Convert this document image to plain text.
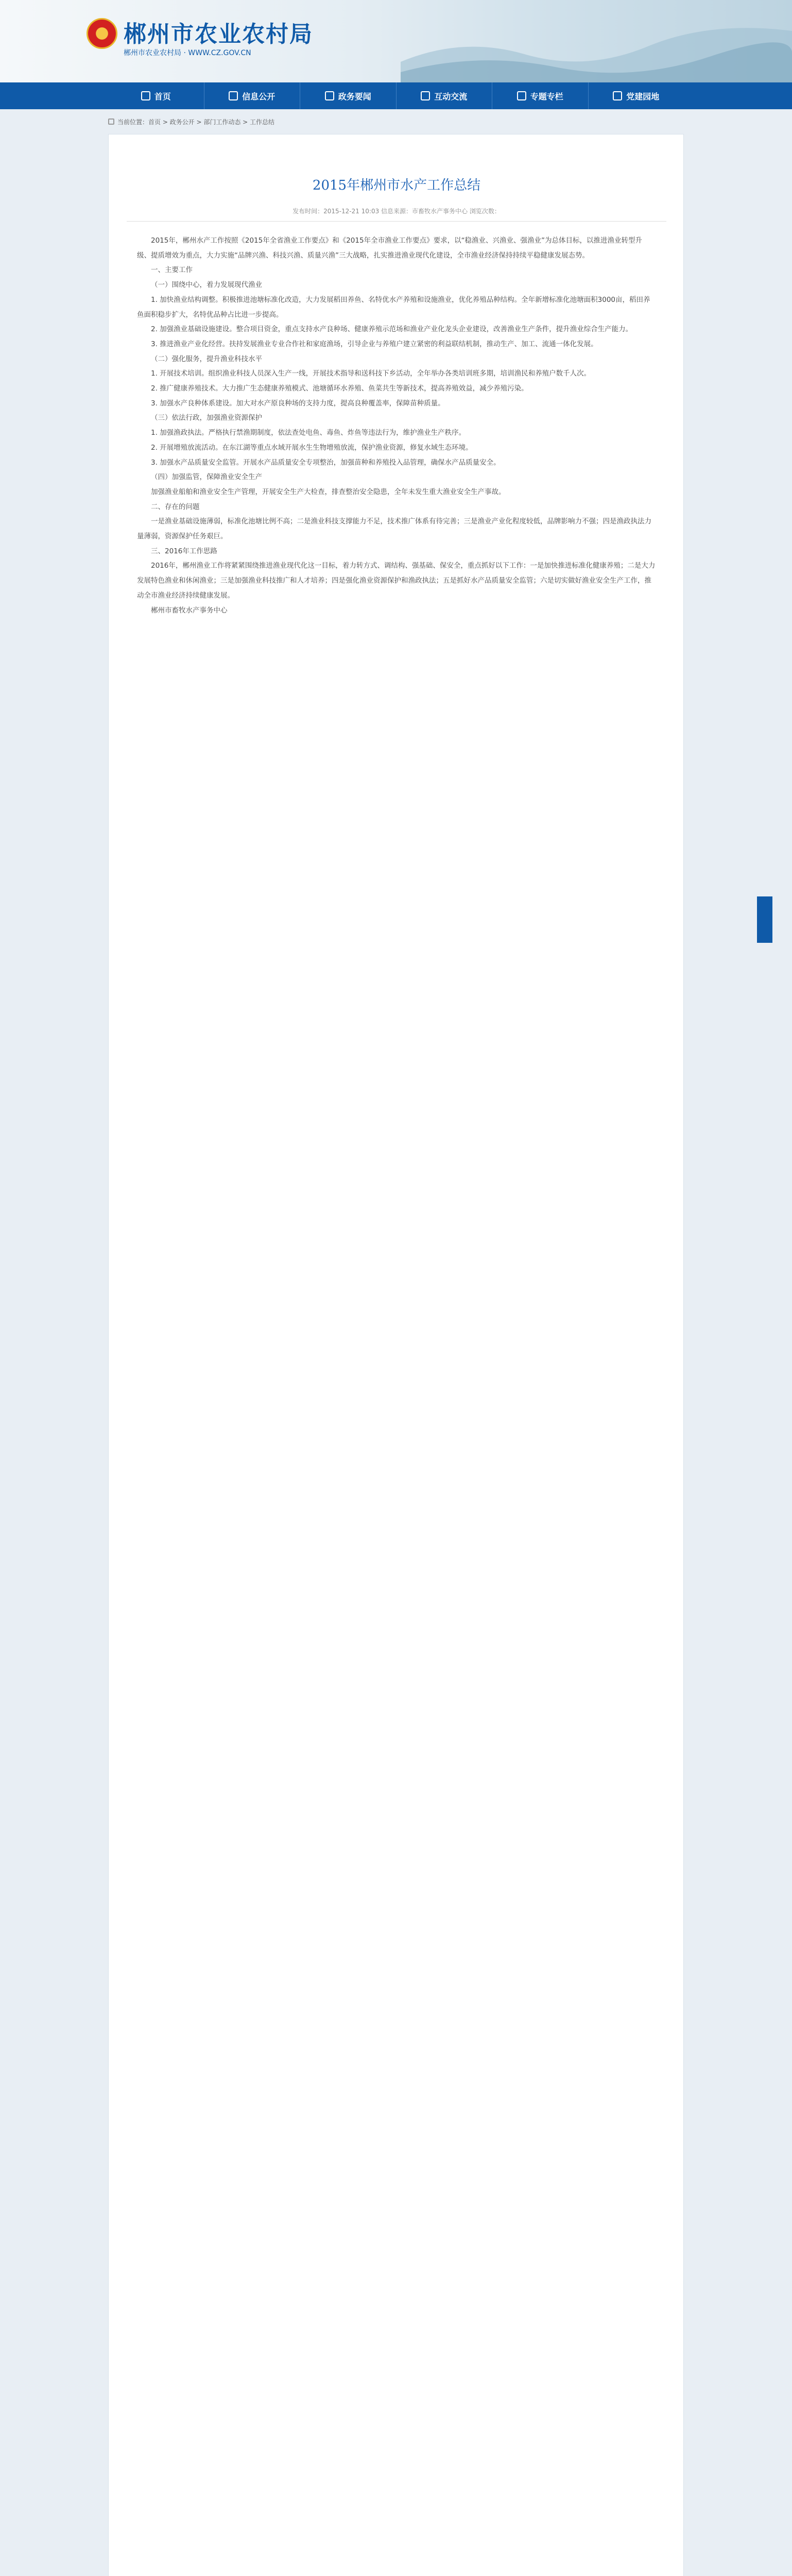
郴州市农业农村局
郴州市农业农村局 · WWW.CZ.GOV.CN
首页	信息公开	政务要闻	互动交流	专题专栏	党建园地
当前位置：首页 > 政务公开 > 部门工作动态 > 工作总结
2015年郴州市水产工作总结
发布时间：2015-12-21 10:03 信息来源：市畜牧水产事务中心 浏览次数：

2015年，郴州水产工作按照《2015年全省渔业工作要点》和《2015年全市渔业工作要点》要求，以“稳渔业、兴渔业、强渔业”为总体目标，以推进渔业转型升级、提质增效为重点，大力实施“品牌兴渔、科技兴渔、质量兴渔”三大战略，扎实推进渔业现代化建设，全市渔业经济保持持续平稳健康发展态势。

一、主要工作

（一）围绕中心，着力发展现代渔业

1. 加快渔业结构调整。积极推进池塘标准化改造，大力发展稻田养鱼、名特优水产养殖和设施渔业，优化养殖品种结构。全年新增标准化池塘面积3000亩，稻田养鱼面积稳步扩大，名特优品种占比进一步提高。

2. 加强渔业基础设施建设。整合项目资金，重点支持水产良种场、健康养殖示范场和渔业产业化龙头企业建设，改善渔业生产条件，提升渔业综合生产能力。

3. 推进渔业产业化经营。扶持发展渔业专业合作社和家庭渔场，引导企业与养殖户建立紧密的利益联结机制，推动生产、加工、流通一体化发展。

（二）强化服务，提升渔业科技水平

1. 开展技术培训。组织渔业科技人员深入生产一线，开展技术指导和送科技下乡活动，全年举办各类培训班多期，培训渔民和养殖户数千人次。

2. 推广健康养殖技术。大力推广生态健康养殖模式、池塘循环水养殖、鱼菜共生等新技术，提高养殖效益，减少养殖污染。

3. 加强水产良种体系建设。加大对水产原良种场的支持力度，提高良种覆盖率，保障苗种质量。

（三）依法行政，加强渔业资源保护

1. 加强渔政执法。严格执行禁渔期制度，依法查处电鱼、毒鱼、炸鱼等违法行为，维护渔业生产秩序。

2. 开展增殖放流活动。在东江湖等重点水域开展水生生物增殖放流，保护渔业资源，修复水域生态环境。

3. 加强水产品质量安全监管。开展水产品质量安全专项整治，加强苗种和养殖投入品管理，确保水产品质量安全。

（四）加强监管，保障渔业安全生产

加强渔业船舶和渔业安全生产管理，开展安全生产大检查，排查整治安全隐患，全年未发生重大渔业安全生产事故。

二、存在的问题

一是渔业基础设施薄弱，标准化池塘比例不高；二是渔业科技支撑能力不足，技术推广体系有待完善；三是渔业产业化程度较低，品牌影响力不强；四是渔政执法力量薄弱，资源保护任务艰巨。

三、2016年工作思路

2016年，郴州渔业工作将紧紧围绕推进渔业现代化这一目标，着力转方式、调结构、强基础、保安全，重点抓好以下工作：一是加快推进标准化健康养殖；二是大力发展特色渔业和休闲渔业；三是加强渔业科技推广和人才培养；四是强化渔业资源保护和渔政执法；五是抓好水产品质量安全监管；六是切实做好渔业安全生产工作，推动全市渔业经济持续健康发展。

郴州市畜牧水产事务中心
